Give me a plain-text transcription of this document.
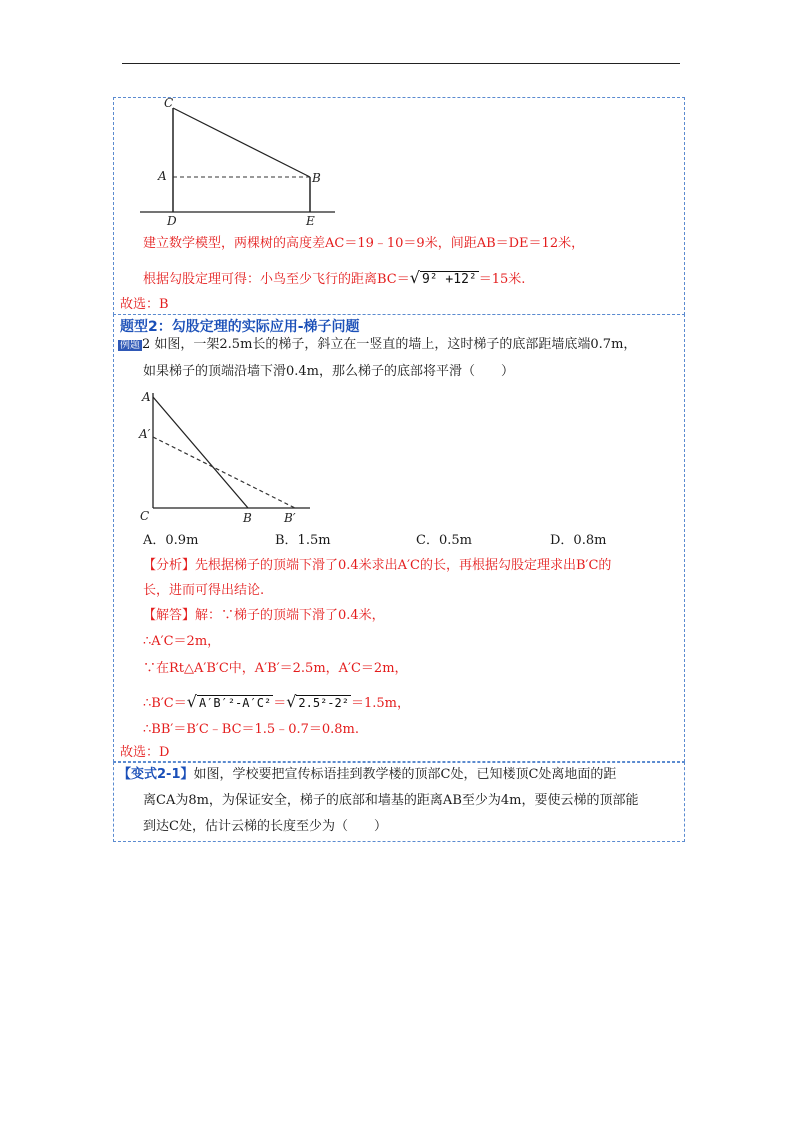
C
A	B
D	E
建立数学模型，两棵树的高度差AC＝19﹣10＝9米，间距AB＝DE＝12米，
根据勾股定理可得：小鸟至少飞行的距离BC＝√ 9² +12² ＝15米.
故选：B
题型2：勾股定理的实际应用-梯子问题
例题 2 如图，一架2.5m长的梯子，斜立在一竖直的墙上，这时梯子的底部距墙底端0.7m，
如果梯子的顶端沿墙下滑0.4m，那么梯子的底部将平滑（　　）
A
A′
C	B	B′
A．0.9m	B．1.5m	C．0.5m	D．0.8m
【分析】先根据梯子的顶端下滑了0.4米求出A′C的长，再根据勾股定理求出B′C的
长，进而可得出结论.
【解答】解：∵梯子的顶端下滑了0.4米，
∴A′C＝2m，
∵在Rt△A′B′C中，A′B′＝2.5m，A′C＝2m，
∴B′C＝√ A′B′²-A′C² ＝√ 2.5²-2² ＝1.5m，
∴BB′＝B′C﹣BC＝1.5﹣0.7＝0.8m.
故选：D
【变式2-1】如图，学校要把宣传标语挂到教学楼的顶部C处，已知楼顶C处离地面的距
离CA为8m，为保证安全，梯子的底部和墙基的距离AB至少为4m，要使云梯的顶部能
到达C处，估计云梯的长度至少为（　　）
